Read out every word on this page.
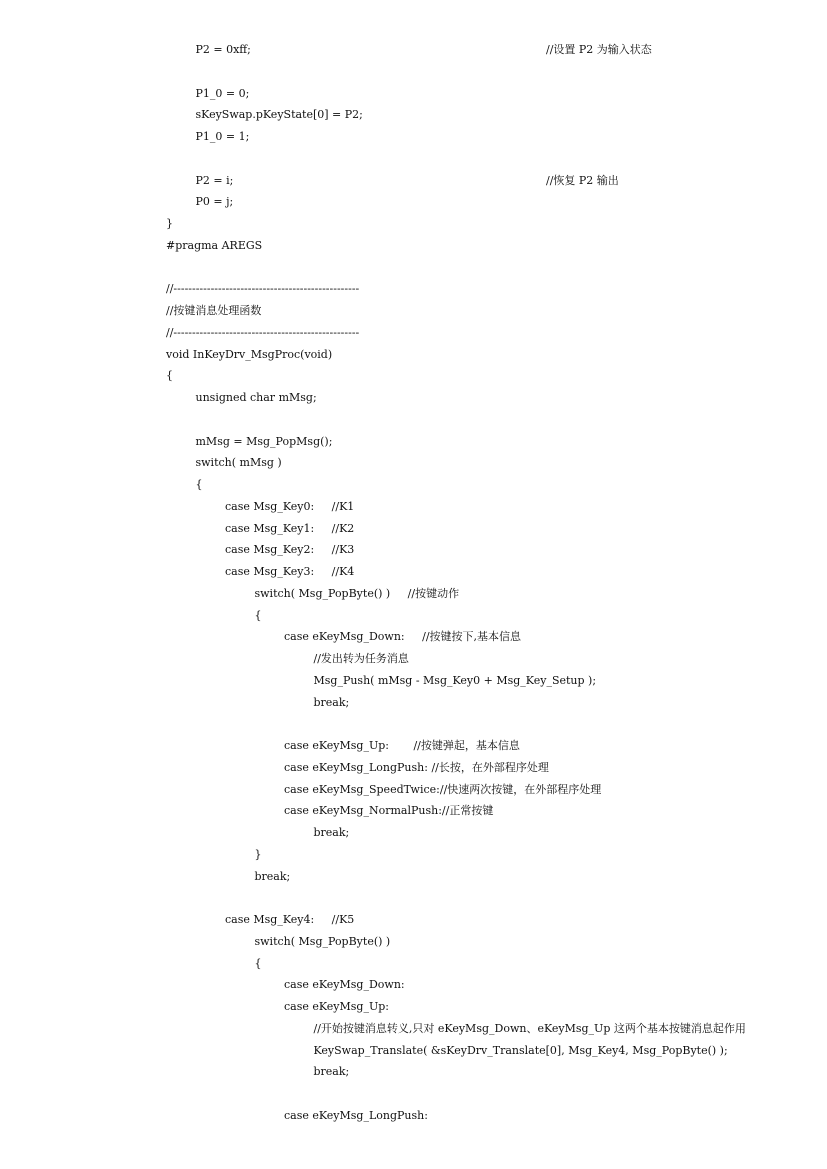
P2 = 0xff;	//设置 P2 为输入状态
P1_0 = 0;
sKeySwap.pKeyState[0] = P2;
P1_0 = 1;
P2 = i;	//恢复 P2 输出
P0 = j;
}
#pragma AREGS
//--------------------------------------------------
//按键消息处理函数
//--------------------------------------------------
void InKeyDrv_MsgProc(void)
{
unsigned char mMsg;
mMsg = Msg_PopMsg();
switch( mMsg )
{
case Msg_Key0:     //K1
case Msg_Key1:     //K2
case Msg_Key2:     //K3
case Msg_Key3:     //K4
switch( Msg_PopByte() )     //按键动作
{
case eKeyMsg_Down:     //按键按下,基本信息
//发出转为任务消息
Msg_Push( mMsg - Msg_Key0 + Msg_Key_Setup );
break;
case eKeyMsg_Up:       //按键弹起，基本信息
case eKeyMsg_LongPush: //长按，在外部程序处理
case eKeyMsg_SpeedTwice://快速两次按键，在外部程序处理
case eKeyMsg_NormalPush://正常按键
break;
}
break;
case Msg_Key4:     //K5
switch( Msg_PopByte() )
{
case eKeyMsg_Down:
case eKeyMsg_Up:
//开始按键消息转义,只对 eKeyMsg_Down、eKeyMsg_Up 这两个基本按键消息起作用
KeySwap_Translate( &sKeyDrv_Translate[0], Msg_Key4, Msg_PopByte() );
break;
case eKeyMsg_LongPush:
